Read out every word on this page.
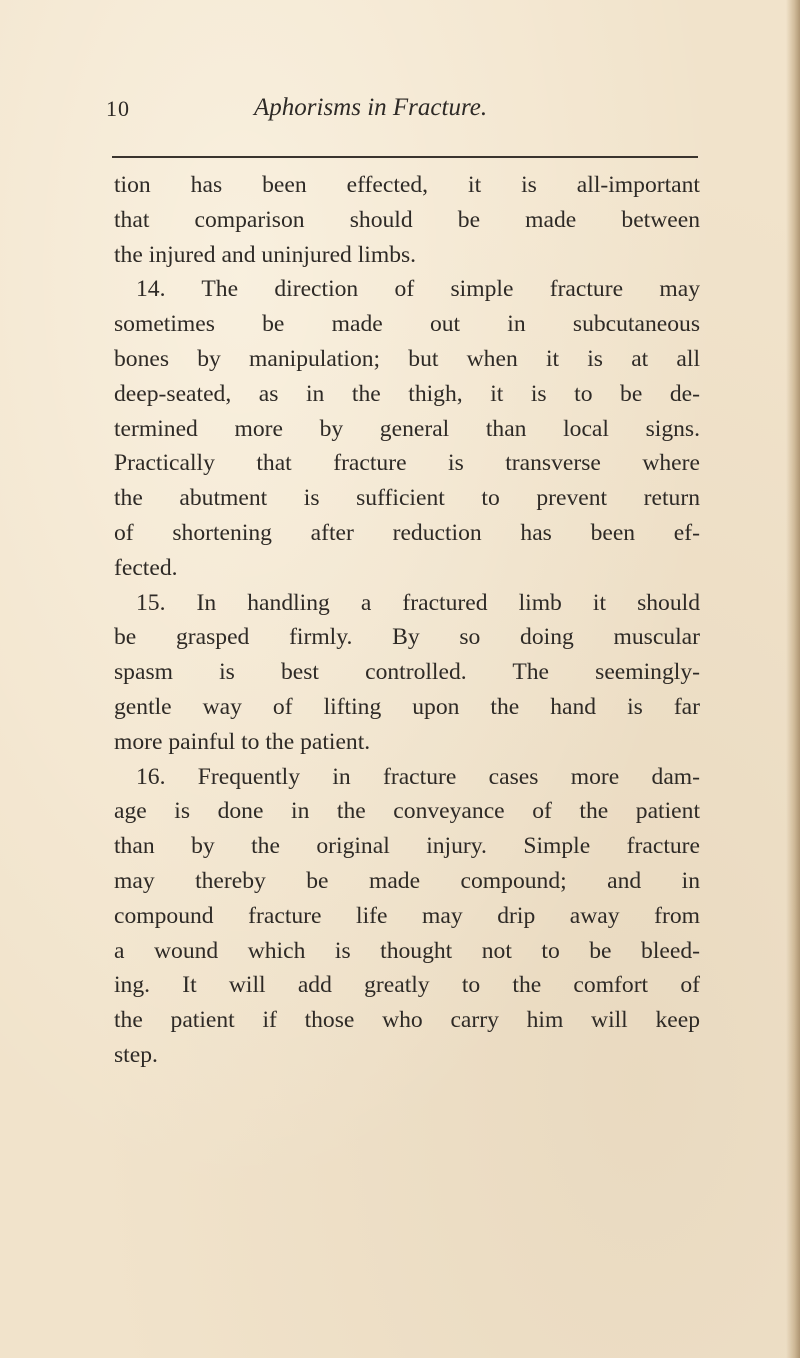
10	Aphorisms in Fracture.
tion has been effected, it is all-important
that comparison should be made between
the injured and uninjured limbs.
14. The direction of simple fracture may
sometimes be made out in subcutaneous
bones by manipulation; but when it is at all
deep-seated, as in the thigh, it is to be de-
termined more by general than local signs.
Practically that fracture is transverse where
the abutment is sufficient to prevent return
of shortening after reduction has been ef-
fected.
15. In handling a fractured limb it should
be grasped firmly. By so doing muscular
spasm is best controlled. The seemingly-
gentle way of lifting upon the hand is far
more painful to the patient.
16. Frequently in fracture cases more dam-
age is done in the conveyance of the patient
than by the original injury. Simple fracture
may thereby be made compound; and in
compound fracture life may drip away from
a wound which is thought not to be bleed-
ing. It will add greatly to the comfort of
the patient if those who carry him will keep
step.
